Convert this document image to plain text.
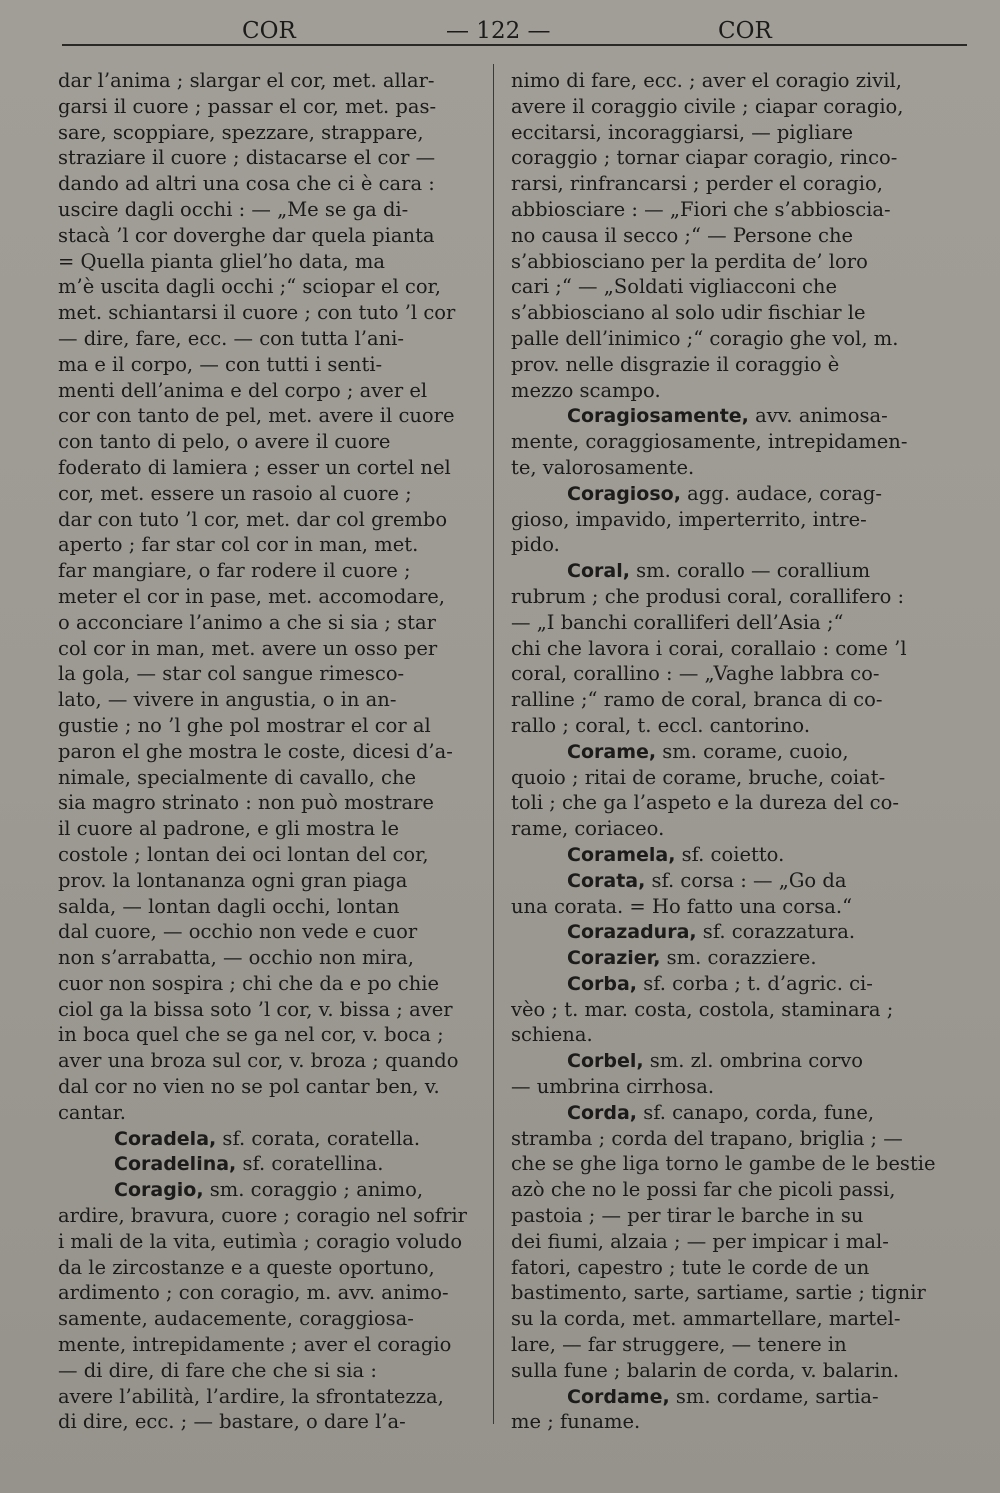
COR	— 122 —	COR
dar l’anima ; slargar el cor, met. allar-
garsi il cuore ; passar el cor, met. pas-
sare, scoppiare, spezzare, strappare,
straziare il cuore ; distacarse el cor —
dando ad altri una cosa che ci è cara :
uscire dagli occhi : — „Me se ga di-
stacà ’l cor doverghe dar quela pianta
= Quella pianta gliel’ho data, ma
m’è uscita dagli occhi ;“ sciopar el cor,
met. schiantarsi il cuore ; con tuto ’l cor
— dire, fare, ecc. — con tutta l’ani-
ma e il corpo, — con tutti i senti-
menti dell’anima e del corpo ; aver el
cor con tanto de pel, met. avere il cuore
con tanto di pelo, o avere il cuore
foderato di lamiera ; esser un cortel nel
cor, met. essere un rasoio al cuore ;
dar con tuto ’l cor, met. dar col grembo
aperto ; far star col cor in man, met.
far mangiare, o far rodere il cuore ;
meter el cor in pase, met. accomodare,
o acconciare l’animo a che si sia ; star
col cor in man, met. avere un osso per
la gola, — star col sangue rimesco-
lato, — vivere in angustia, o in an-
gustie ; no ’l ghe pol mostrar el cor al
paron el ghe mostra le coste, dicesi d’a-
nimale, specialmente di cavallo, che
sia magro strinato : non può mostrare
il cuore al padrone, e gli mostra le
costole ; lontan dei oci lontan del cor,
prov. la lontananza ogni gran piaga
salda, — lontan dagli occhi, lontan
dal cuore, — occhio non vede e cuor
non s’arrabatta, — occhio non mira,
cuor non sospira ; chi che da e po chie
ciol ga la bissa soto ’l cor, v. bissa ; aver
in boca quel che se ga nel cor, v. boca ;
aver una broza sul cor, v. broza ; quando
dal cor no vien no se pol cantar ben, v.
cantar.
Coradela, sf. corata, coratella.
Coradelina, sf. coratellina.
Coragio, sm. coraggio ; animo,
ardire, bravura, cuore ; coragio nel sofrir
i mali de la vita, eutimìa ; coragio voludo
da le zircostanze e a queste oportuno,
ardimento ; con coragio, m. avv. animo-
samente, audacemente, coraggiosa-
mente, intrepidamente ; aver el coragio
— di dire, di fare che che si sia :
avere l’abilità, l’ardire, la sfrontatezza,
di dire, ecc. ; — bastare, o dare l’a-
nimo di fare, ecc. ; aver el coragio zivil,
avere il coraggio civile ; ciapar coragio,
eccitarsi, incoraggiarsi, — pigliare
coraggio ; tornar ciapar coragio, rinco-
rarsi, rinfrancarsi ; perder el coragio,
abbiosciare : — „Fiori che s’abbioscia-
no causa il secco ;“ — Persone che
s’abbiosciano per la perdita de’ loro
cari ;“ — „Soldati vigliacconi che
s’abbiosciano al solo udir fischiar le
palle dell’inimico ;“ coragio ghe vol, m.
prov. nelle disgrazie il coraggio è
mezzo scampo.
Coragiosamente, avv. animosa-
mente, coraggiosamente, intrepidamen-
te, valorosamente.
Coragioso, agg. audace, corag-
gioso, impavido, imperterrito, intre-
pido.
Coral, sm. corallo — corallium
rubrum ; che produsi coral, corallifero :
— „I banchi coralliferi dell’Asia ;“
chi che lavora i corai, corallaio : come ’l
coral, corallino : — „Vaghe labbra co-
ralline ;“ ramo de coral, branca di co-
rallo ; coral, t. eccl. cantorino.
Corame, sm. corame, cuoio,
quoio ; ritai de corame, bruche, coiat-
toli ; che ga l’aspeto e la dureza del co-
rame, coriaceo.
Coramela, sf. coietto.
Corata, sf. corsa : — „Go da
una corata. = Ho fatto una corsa.“
Corazadura, sf. corazzatura.
Corazier, sm. corazziere.
Corba, sf. corba ; t. d’agric. ci-
vèo ; t. mar. costa, costola, staminara ;
schiena.
Corbel, sm. zl. ombrina corvo
— umbrina cirrhosa.
Corda, sf. canapo, corda, fune,
stramba ; corda del trapano, briglia ; —
che se ghe liga torno le gambe de le bestie
azò che no le possi far che picoli passi,
pastoia ; — per tirar le barche in su
dei fiumi, alzaia ; — per impicar i mal-
fatori, capestro ; tute le corde de un
bastimento, sarte, sartiame, sartie ; tignir
su la corda, met. ammartellare, martel-
lare, — far struggere, — tenere in
sulla fune ; balarin de corda, v. balarin.
Cordame, sm. cordame, sartia-
me ; funame.
